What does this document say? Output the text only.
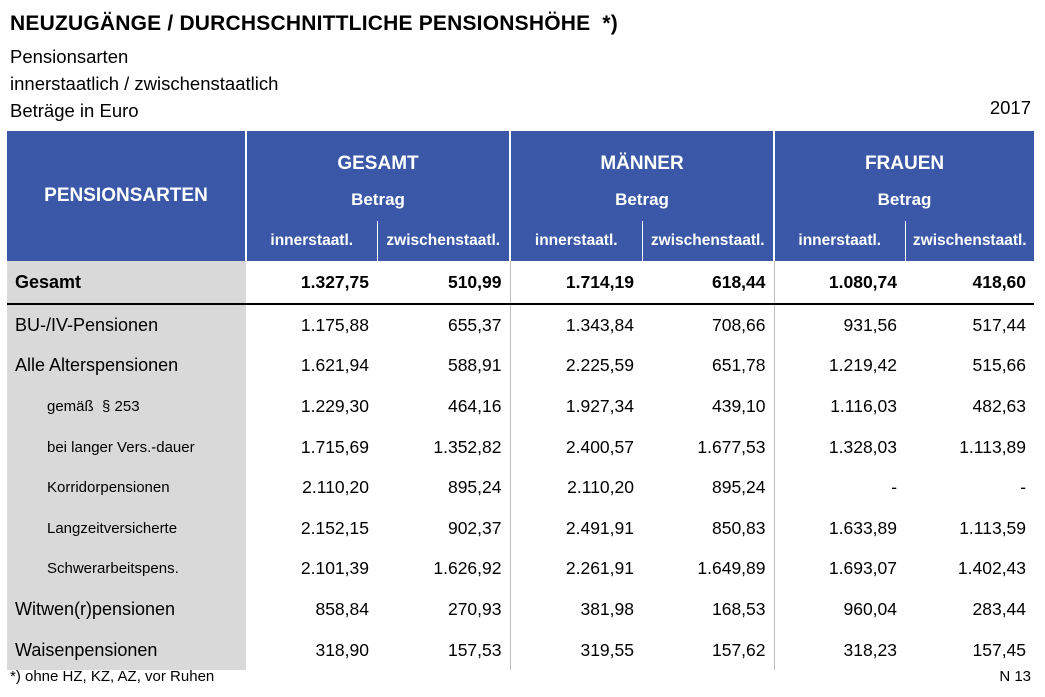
NEUZUGÄNGE / DURCHSCHNITTLICHE PENSIONSHÖHE  *)
Pensionsarten
innerstaatlich / zwischenstaatlich
Beträge in Euro	2017
PENSIONSARTEN	GESAMT		MÄNNER		FRAUEN	
	Betrag		Betrag		Betrag	
	innerstaatl.	zwischenstaatl.	innerstaatl.	zwischenstaatl.	innerstaatl.	zwischenstaatl.
Gesamt	1.327,75	510,99	1.714,19	618,44	1.080,74	418,60
BU-/IV-Pensionen	1.175,88	655,37	1.343,84	708,66	931,56	517,44
Alle Alterspensionen	1.621,94	588,91	2.225,59	651,78	1.219,42	515,66
gemäß  § 253	1.229,30	464,16	1.927,34	439,10	1.116,03	482,63
bei langer Vers.-dauer	1.715,69	1.352,82	2.400,57	1.677,53	1.328,03	1.113,89
Korridorpensionen	2.110,20	895,24	2.110,20	895,24	-	-
Langzeitversicherte	2.152,15	902,37	2.491,91	850,83	1.633,89	1.113,59
Schwerarbeitspens.	2.101,39	1.626,92	2.261,91	1.649,89	1.693,07	1.402,43
Witwen(r)pensionen	858,84	270,93	381,98	168,53	960,04	283,44
Waisenpensionen	318,90	157,53	319,55	157,62	318,23	157,45
*) ohne HZ, KZ, AZ, vor Ruhen	N 13
